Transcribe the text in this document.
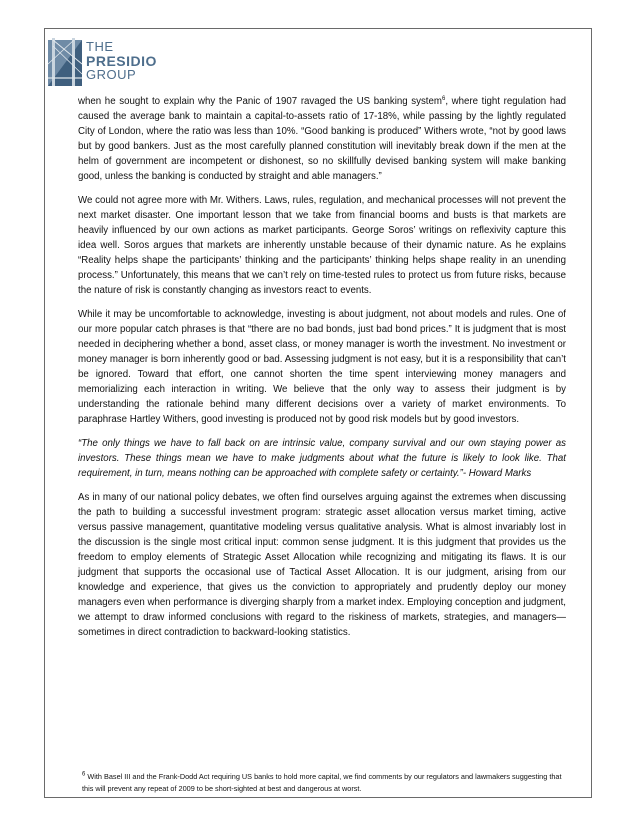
THE
PRESIDIO
GROUP

when he sought to explain why the Panic of 1907 ravaged the US banking system$^6$, where tight regulation had caused the average bank to maintain a capital-to-assets ratio of 17-18%, while passing by the lightly regulated City of London, where the ratio was less than 10%. “Good banking is produced” Withers wrote, “not by good laws but by good bankers. Just as the most carefully planned constitution will inevitably break down if the men at the helm of government are incompetent or dishonest, so no skillfully devised banking system will make banking good, unless the banking is conducted by straight and able managers.”

We could not agree more with Mr. Withers. Laws, rules, regulation, and mechanical processes will not prevent the next market disaster. One important lesson that we take from financial booms and busts is that markets are heavily influenced by our own actions as market participants. George Soros’ writings on reflexivity capture this idea well. Soros argues that markets are inherently unstable because of their dynamic nature. As he explains “Reality helps shape the participants’ thinking and the participants’ thinking helps shape reality in an unending process.” Unfortunately, this means that we can’t rely on time-tested rules to protect us from future risks, because the nature of risk is constantly changing as investors react to events.

While it may be uncomfortable to acknowledge, investing is about judgment, not about models and rules. One of our more popular catch phrases is that “there are no bad bonds, just bad bond prices.” It is judgment that is most needed in deciphering whether a bond, asset class, or money manager is worth the investment. No investment or money manager is born inherently good or bad. Assessing judgment is not easy, but it is a responsibility that can’t be ignored. Toward that effort, one cannot shorten the time spent interviewing money managers and memorializing each interaction in writing. We believe that the only way to assess their judgment is by understanding the rationale behind many different decisions over a variety of market environments. To paraphrase Hartley Withers, good investing is produced not by good risk models but by good investors.

“The only things we have to fall back on are intrinsic value, company survival and our own staying power as investors. These things mean we have to make judgments about what the future is likely to look like. That requirement, in turn, means nothing can be approached with complete safety or certainty.”- Howard Marks

As in many of our national policy debates, we often find ourselves arguing against the extremes when discussing the path to building a successful investment program: strategic asset allocation versus market timing, active versus passive management, quantitative modeling versus qualitative analysis. What is almost invariably lost in the discussion is the single most critical input: common sense judgment. It is this judgment that provides us the freedom to employ elements of Strategic Asset Allocation while recognizing and mitigating its flaws. It is our judgment that supports the occasional use of Tactical Asset Allocation. It is our judgment, arising from our knowledge and experience, that gives us the conviction to appropriately and prudently deploy our money managers even when performance is diverging sharply from a market index. Employing conception and judgment, we attempt to draw informed conclusions with regard to the riskiness of markets, strategies, and managers—sometimes in direct contradiction to backward-looking statistics.

$^6$ With Basel III and the Frank-Dodd Act requiring US banks to hold more capital, we find comments by our regulators and lawmakers suggesting that this will prevent any repeat of 2009 to be short-sighted at best and dangerous at worst.
